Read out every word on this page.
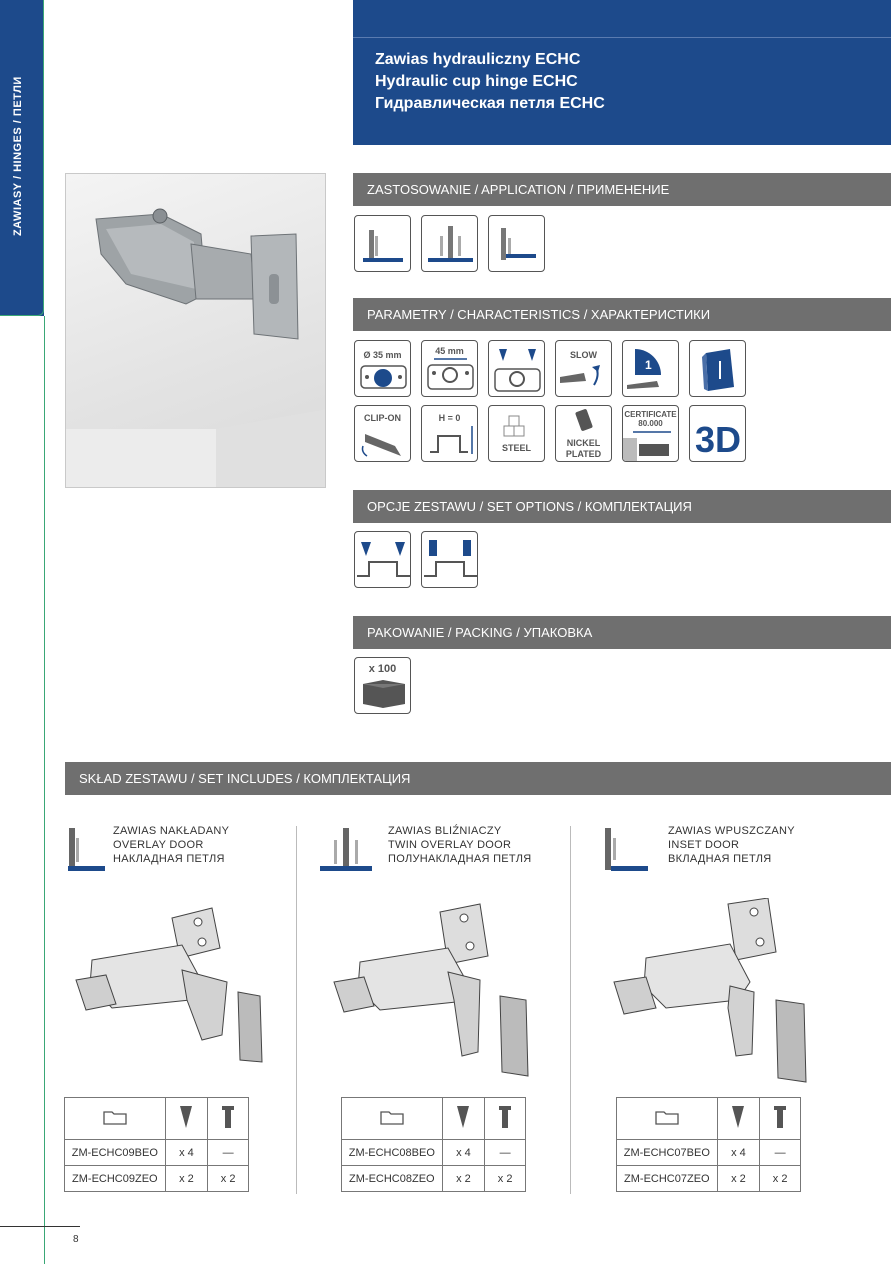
ZAWIASY / HINGES / ПЕТЛИ
Zawias hydrauliczny ECHC
Hydraulic cup hinge ECHC
Гидравлическая петля ECHC
ZASTOSOWANIE / APPLICATION / ПРИМЕНЕНИЕ
PARAMETRY / CHARACTERISTICS / ХАРАКТЕРИСТИКИ
Ø 35 mm	45 mm	SLOW
1
CLIP-ON	H = 0
STEEL	NICKEL
PLATED
CERTIFICATE
80.000 3D
OPCJE ZESTAWU / SET OPTIONS / КОМПЛЕКТАЦИЯ
PAKOWANIE / PACKING / УПАКОВКА
x 100
SKŁAD ZESTAWU / SET INCLUDES / КОМПЛЕКТАЦИЯ
ZAWIAS NAKŁADANY
OVERLAY DOOR
НАКЛАДНАЯ ПЕТЛЯ

ZM-ECHC09BEO	x 4	—
ZM-ECHC09ZEO	x 2	x 2
ZAWIAS BLIŹNIACZY
TWIN OVERLAY DOOR
ПОЛУНАКЛАДНАЯ ПЕТЛЯ

ZM-ECHC08BEO	x 4	—
ZM-ECHC08ZEO	x 2	x 2
ZAWIAS WPUSZCZANY
INSET DOOR
ВКЛАДНАЯ ПЕТЛЯ

ZM-ECHC07BEO	x 4	—
ZM-ECHC07ZEO	x 2	x 2
8
